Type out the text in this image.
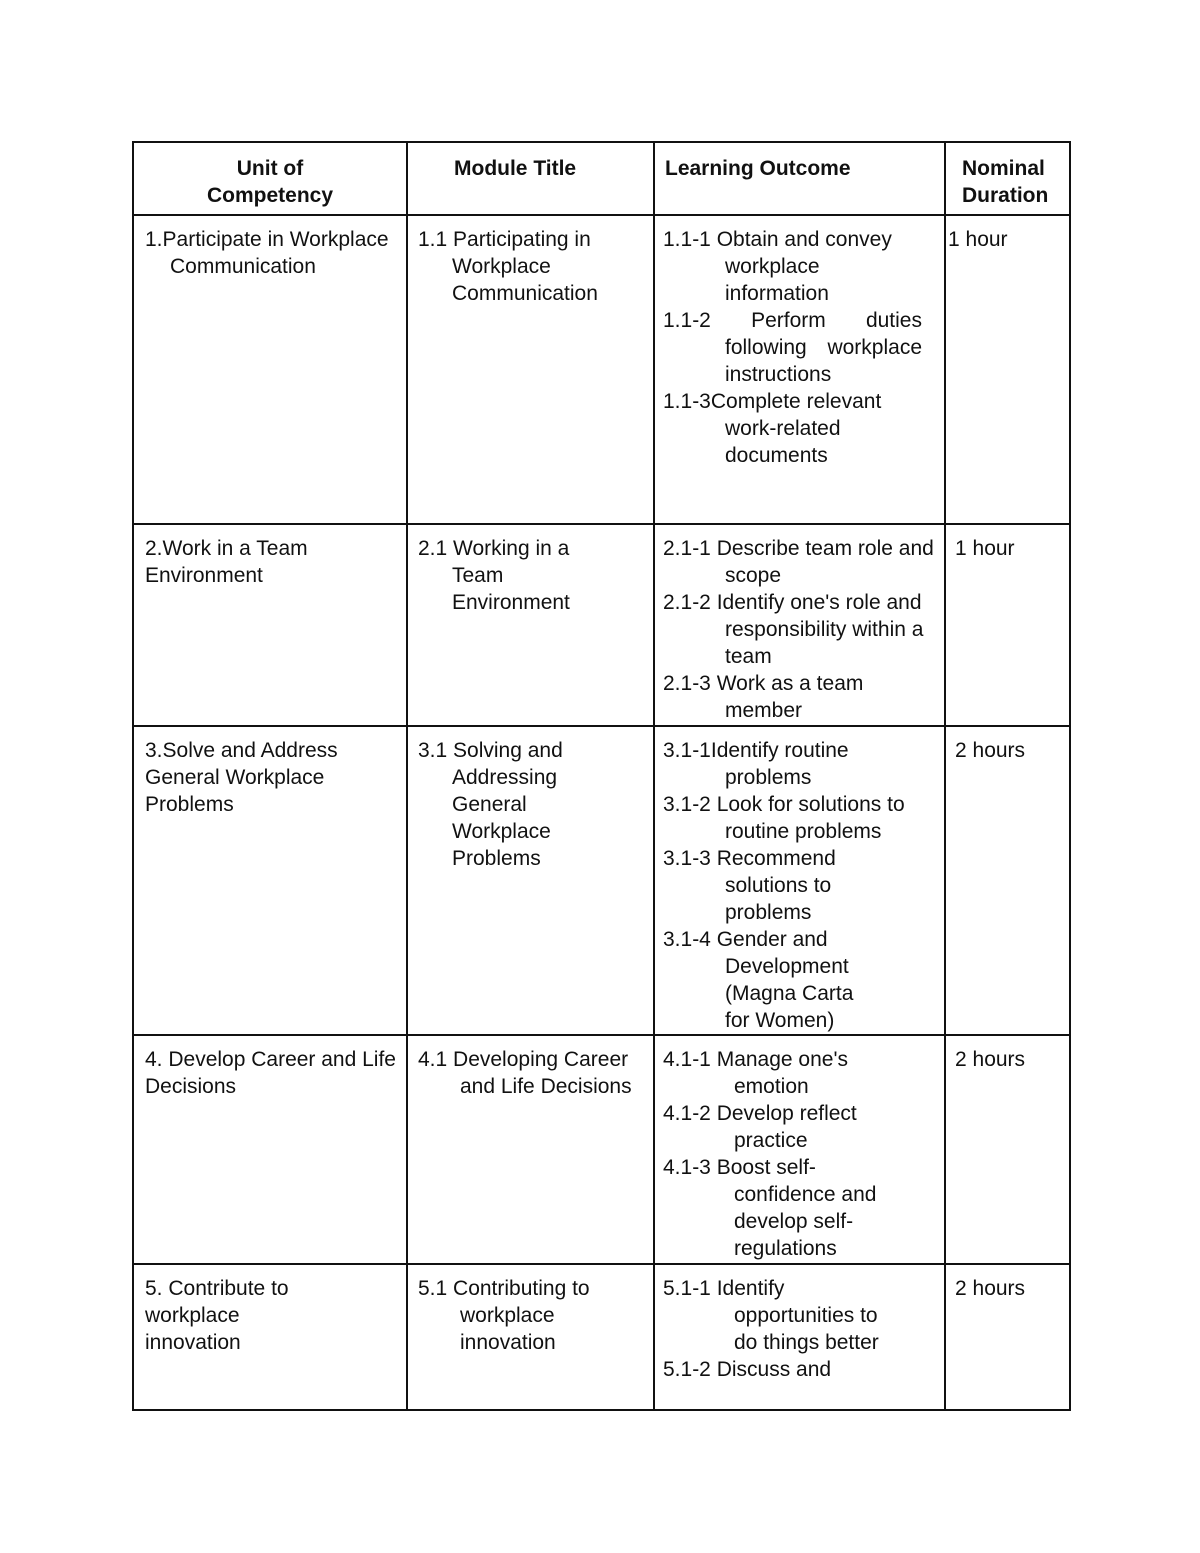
Unit of Competency	Module Title	Learning Outcome	Nominal Duration

1.Participate in Workplace Communication	1.1 Participating in Workplace Communication	1.1-1 Obtain and convey workplace information
1.1-2 Perform duties following workplace instructions
1.1-3Complete relevant work-related documents	1 hour

2.Work in a Team Environment	2.1 Working in a Team Environment	2.1-1 Describe team role and scope
2.1-2 Identify one's role and responsibility within a team
2.1-3 Work as a team member	1 hour

3.Solve and Address General Workplace Problems	3.1 Solving and Addressing General Workplace Problems	3.1-1Identify routine problems
3.1-2 Look for solutions to routine problems
3.1-3 Recommend solutions to problems
3.1-4 Gender and Development (Magna Carta for Women)	2 hours

4. Develop Career and Life Decisions	4.1 Developing Career and Life Decisions	4.1-1 Manage one's emotion
4.1-2 Develop reflect practice
4.1-3 Boost self-confidence and develop self-regulations	2 hours

5. Contribute to workplace innovation	5.1 Contributing to workplace innovation	5.1-1 Identify opportunities to do things better
5.1-2 Discuss and	2 hours
